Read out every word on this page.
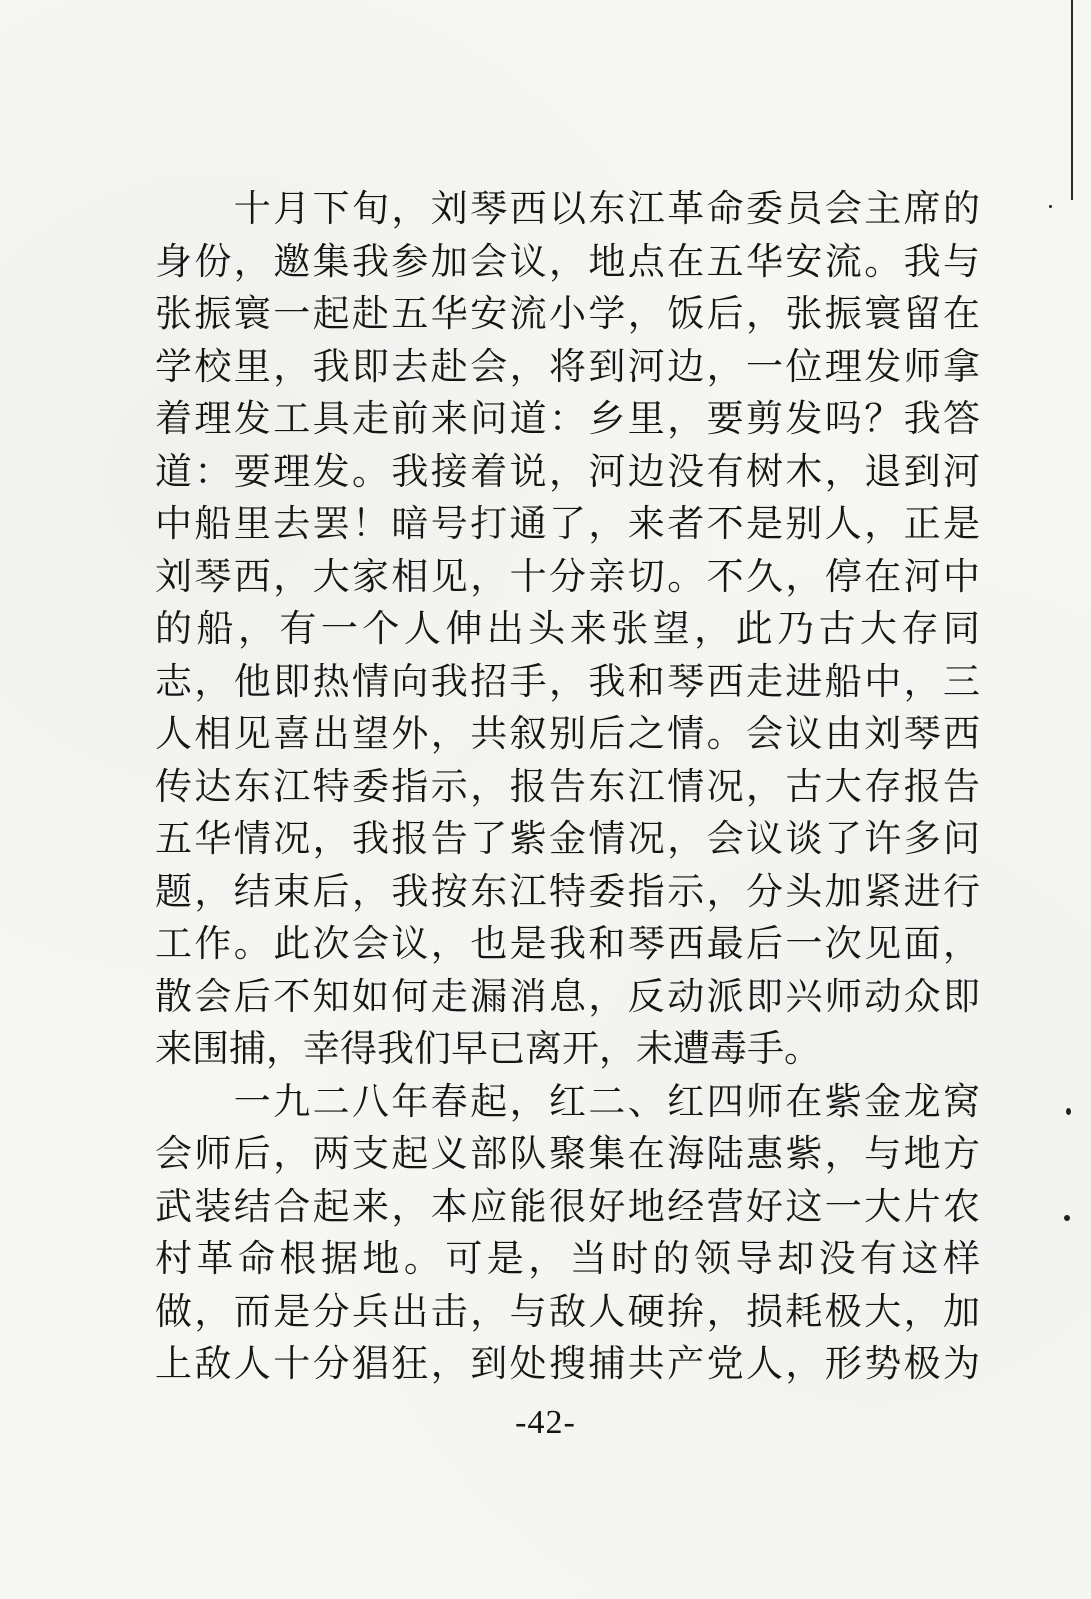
　　十月下旬，刘琴西以东江革命委员会主席的
身份，邀集我参加会议，地点在五华安流。我与
张振寰一起赴五华安流小学，饭后，张振寰留在
学校里，我即去赴会，将到河边，一位理发师拿
着理发工具走前来问道：乡里，要剪发吗？我答
道：要理发。我接着说，河边没有树木，退到河
中船里去罢！暗号打通了，来者不是别人，正是
刘琴西，大家相见，十分亲切。不久，停在河中
的船，有一个人伸出头来张望，此乃古大存同
志，他即热情向我招手，我和琴西走进船中，三
人相见喜出望外，共叙别后之情。会议由刘琴西
传达东江特委指示，报告东江情况，古大存报告
五华情况，我报告了紫金情况，会议谈了许多问
题，结束后，我按东江特委指示，分头加紧进行
工作。此次会议，也是我和琴西最后一次见面，
散会后不知如何走漏消息，反动派即兴师动众即
来围捕，幸得我们早已离开，未遭毒手。
　　一九二八年春起，红二、红四师在紫金龙窝
会师后，两支起义部队聚集在海陆惠紫，与地方
武装结合起来，本应能很好地经营好这一大片农
村革命根据地。可是，当时的领导却没有这样
做，而是分兵出击，与敌人硬拚，损耗极大，加
上敌人十分猖狂，到处搜捕共产党人，形势极为
-42-
